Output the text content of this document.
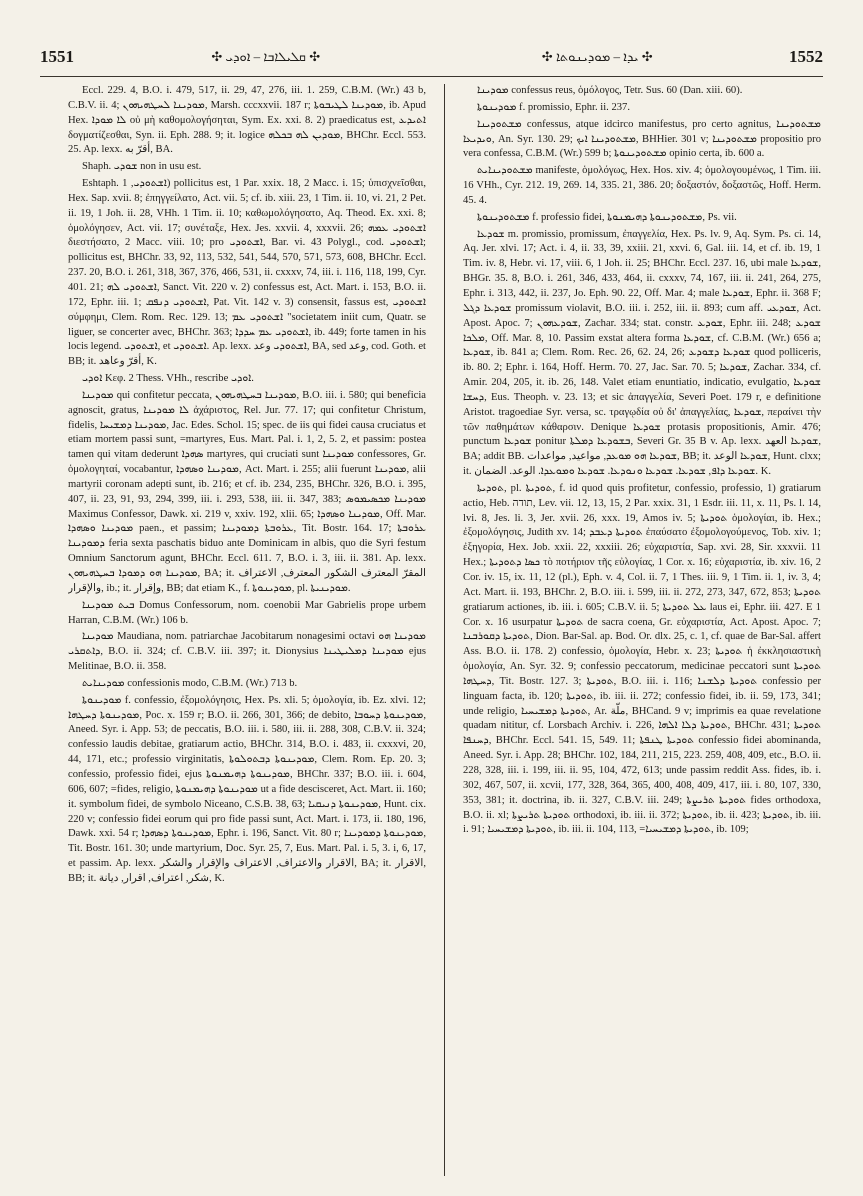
1551	✣ ܩܠܝܠܐܒܐ – ܐܘܕܝ ✣	✣ ܝܕܐ – ܡܘܕܝܢܘܬܐ ✣	1552

Eccl. 229. 4, B.O. i. 479, 517, ii. 29, 47, 276, iii. 1. 259, C.B.M. (Wr.) 43 b, C.B.V. ii. 4; ܡܘܕܝܢܐ ܠܚܛܗܝܗܘܢ, Marsh. cccxxvii. 187 r; ܡܘܕܝܢܐ ܠܛܝܒܘܬܐ, ib. Apud Hex. ܠܐ ܡܘܕܐ οὐ μὴ καθομολογήσηται, Sym. Ex. xxi. 8. 2) praedicatus est, ܐܬܝܕܥ δογματίζεσθαι, Syn. ii. Eph. 288. 9; it. logice ܡܘܕܝܢ ܠܗ ܒܟܠܗ, BHChr. Eccl. 553. 25. Ap. lexx. أقرّ به, BA.

Shaph. ܫܘܕܝ non in usu est.

Eshtaph. ܐܫܬܘܕܝ, 1) pollicitus est, 1 Par. xxix. 18, 2 Macc. i. 15; ὑπισχνεῖσθαι, Hex. Sap. xvii. 8; ἐπηγγείλατο, Act. vii. 5; cf. ib. xiii. 23, 1 Tim. ii. 10, vi. 21, 2 Pet. ii. 19, 1 Joh. ii. 28, VHh. 1 Tim. ii. 10; καθωμολόγησατο, Aq. Theod. Ex. xxi. 8; ὁμολόγησεν, Act. vii. 17; συνέταξε, Hex. Jes. xxvii. 4, xxxvii. 26; ܐܫܬܘܕܝ ܥܡܗ διεστήσατο, 2 Macc. viii. 10; pro ܐܫܬܘܕܝ, Bar. vi. 43 Polygl., cod. ܐܫܬܘܕܝ; pollicitus est, BHChr. 33, 92, 113, 532, 541, 544, 570, 571, 573, 608, BHChr. Eccl. 237. 20, B.O. i. 261, 318, 367, 376, 466, 531, ii. cxxxv, 74, iii. i. 116, 118, 199, Cyr. 401. 21; ܐܫܬܘܕܝ ܠܗ, Sanct. Vit. 220 v. 2) confessus est, Act. Mart. i. 153, B.O. ii. 172, Ephr. iii. 1; ܐܫܬܘܕܝ ܕܢܦܩ, Pat. Vit. 142 v. 3) consensit, fassus est, ܐܫܬܘܕܝ σύμφημι, Clem. Rom. Rec. 129. 13; ܐܫܬܘܕܝ ܥܡ "societatem iniit cum, Quatr. se liguer, se concerter avec, BHChr. 363; ܐܫܬܘܕܝ ܥܡ ܚܕܕܐ, ib. 449; forte tamen in his locis legend. ܐܫܬܘܕܝ, et ܐܫܬܘܕܝ. Ap. lexx. ܐܫܬܘܕܝ وعد, BA, sed وعد, cod. Goth. et BB; it. أقرّ وعاهد, K.

ܐܘܕܝ Κεφ. 2 Thess. VHh., rescribe ܐܘܕܝ.

ܡܘܕܝܢܐ qui confitetur peccata, ܡܘܕܝܢܐ ܒܚܛܗܝܗܘܢ, B.O. iii. i. 580; qui beneficia agnoscit, gratus, ܠܐ ܡܘܕܝܢܐ ἀχάριστος, Rel. Jur. 77. 17; qui confitetur Christum, fidelis, ܡܘܕܝܢܐ ܕܡܫܝܚܐ, Jac. Edes. Schol. 15; spec. de iis qui fidei causa cruciatus et etiam mortem passi sunt, =martyres, Eus. Mart. Pal. i. 1, 2, 5. 2, et passim: postea tamen qui vitam dederunt ܣܗܕܐ martyres, qui cruciati sunt ܡܘܕܝܢܐ confessores, Gr. ὁμολογηταί, vocabantur, ܡܘܕܝܢܐ ܘܣܗܕܐ, Act. Mart. i. 255; alii fuerunt ܡܘܕܝܢܐ, alii martyrii coronam adepti sunt, ib. 216; et cf. ib. 234, 235, BHChr. 326, B.O. i. 395, 407, ii. 23, 91, 93, 294, 399, iii. i. 293, 538, iii. ii. 347, 383; ܡܘܕܝܢܐ ܡܟܣܝܡܘܣ Maximus Confessor, Dawk. xi. 219 v, xxiv. 192, xlii. 65; ܡܘܕܝܢܐ ܘܣܗܕܐ, Off. Mar. ܡܘܕܝܢܐ ܘܣܗܕܐ paen., et passim; ܥܪܘܒܬܐ ܕܡܘܕܝܢܐ, Tit. Bostr. 164. 17; ܥܪܘܒܬܐ ܕܡܘܕܝܢܐ feria sexta paschatis biduo ante Dominicam in albis, quo die Syri festum Omnium Sanctorum agunt, BHChr. Eccl. 611. 7, B.O. i. 3, iii. ii. 381. Ap. lexx. ܡܘܕܝܢܐ ܗܘ ܕܡܘܕܐ ܒܚܛܗܝܗܘܢ, BA; it. المقرّ المعترف الشكور المعترف, الاعتراف والإقرار, ib.; it. وإقرار, BB; dat etiam K., f. ܡܘܕܝܢܘܬܐ, pl. ܡܘܕܝܢܝܬܐ.

ܒܝܬ ܡܘܕܝܢܐ Domus Confessorum, nom. coenobii Mar Gabrielis prope urbem Harran, C.B.M. (Wr.) 106 b.

ܡܘܕܝܢܐ Maudiana, nom. patriarchae Jacobitarum nonagesimi octavi ܡܘܕܝܢܐ ܗܘ ܕܐܬܩܪܝ, B.O. ii. 324; cf. C.B.V. iii. 397; it. Dionysius ܡܘܕܝܢܐ ܕܡܠܝܛܝܢܐ ejus Melitinae, B.O. ii. 358.

ܡܘܕܝܢܐܝܬ confessionis modo, C.B.M. (Wr.) 713 b.

ܡܘܕܝܢܘܬܐ f. confessio, ἐξομολόγησις, Hex. Ps. xli. 5; ὁμολογία, ib. Ez. xlvi. 12; ܡܘܕܝܢܘܬܐ ܕܚܛܗܐ, Poc. x. 159 r; B.O. ii. 266, 301, 366; de debito, ܡܘܕܝܢܘܬܐ ܕܚܘܒܐ, Aneed. Syr. i. App. 53; de peccatis, B.O. iii. i. 580, iii. ii. 288, 308, C.B.V. ii. 324; confessio laudis debitae, gratiarum actio, BHChr. 314, B.O. i. 483, ii. cxxxvi, 20, 44, 171, etc.; professio virginitatis, ܡܘܕܝܢܘܬܐ ܕܒܬܘܠܘܬܐ, Clem. Rom. Ep. 20. 3; confessio, professio fidei, ejus ܡܘܕܝܢܘܬܐ ܕܗܝܡܢܘܬܐ, BHChr. 337; B.O. iii. i. 604, 606, 607; =fides, religio, ܡܘܕܝܢܘܬܐ ܕܗܝܡܢܘܬܐ ut a fide descisceret, Act. Mart. ii. 160; it. symbolum fidei, de symbolo Niceano, C.S.B. 38, 63; ܡܘܕܝܢܘܬܐ ܕܢܝܩܝܐ, Hunt. cix. 220 v; confessio fidei eorum qui pro fide passi sunt, Act. Mart. i. 173, ii. 180, 196, Dawk. xxi. 54 r; ܡܘܕܝܢܘܬܐ ܕܣܗܕܐ, Ephr. i. 196, Sanct. Vit. 80 r; ܡܘܕܝܢܘܬܐ ܕܡܘܕܝܢܐ, Tit. Bostr. 161. 30; unde martyrium, Doc. Syr. 25, 7, Eus. Mart. Pal. i. 5, 3. i, 6, 17, et passim. Ap. lexx. الاقرار والاعتراف, الاعتراف والإقرار والشكر, BA; it. الاقرار, BB; it. شكر, اعتراف, اقرار, ديانة, K.

ܡܘܕܝܢܐ confessus reus, ὁμόλογος, Tetr. Sus. 60 (Dan. xiii. 60).

ܡܘܕܝܢܘܬܐ f. promissio, Ephr. ii. 237.

ܡܫܬܘܕܝܢܐ confessus, atque idcirco manifestus, pro certo agnitus, ܡܫܬܘܕܝܢܐ ܘܝܕܝܥܐ, An. Syr. 130. 29; ܡܫܬܘܕܝܢܐ ܐܝܟ, BHHier. 301 v; ܡܫܬܘܕܝܢܐ propositio pro vera confessa, C.B.M. (Wr.) 599 b; ܡܫܬܘܕܝܢܘܬܐ opinio certa, ib. 600 a.

ܡܫܬܘܕܝܢܐܝܬ manifeste, ὁμολόγως, Hex. Hos. xiv. 4; ὁμολογουμένως, 1 Tim. iii. 16 VHh., Cyr. 212. 19, 269. 14, 335. 21, 386. 20; δοξαστόν, δοξαστῶς, Hoff. Herm. 45. 4.

ܡܫܬܘܕܝܢܘܬܐ f. professio fidei, ܡܫܬܘܕܝܢܘܬܐ ܕܗܝܡܢܘܬܐ, Ps. vii.

ܫܘܕܥܐ m. promissio, promissum, ἐπαγγελία, Hex. Ps. lv. 9, Aq. Sym. Ps. ci. 14, Aq. Jer. xlvi. 17; Act. i. 4, ii. 33, 39, xxiii. 21, xxvi. 6, Gal. iii. 14, et cf. ib. 19, 1 Tim. iv. 8, Hebr. vi. 17, viii. 6, 1 Joh. ii. 25; BHChr. Eccl. 237. 16, ubi male ܫܘܕܥܐ, BHGr. 35. 8, B.O. i. 261, 346, 433, 464, ii. cxxxv, 74, 167, iii. ii. 241, 264, 275, Ephr. i. 313, 442, ii. 237, Jo. Eph. 90. 22, Off. Mar. 4; male ܫܘܕܥܐ, Ephr. ii. 368 F; ܫܘܕܥܐ ܕܓܠ promissum violavit, B.O. iii. i. 252, iii. ii. 893; cum aff. ܫܘܕܥܝ, Act. Apost. Apoc. 7; ܫܘܕܥܗܘܢ, Zachar. 334; stat. constr. ܫܘܕܥ, Ephr. iii. 248; ܫܘܕܥ ܡܠܟܐ, Off. Mar. 8, 10. Passim exstat altera forma ܫܘܕܥܐ, cf. C.B.M. (Wr.) 656 a; ܫܘܕܥܐ, ib. 841 a; Clem. Rom. Rec. 26, 62. 24, 26; ܫܘܕܥܐ ܕܫܘܕܥ quod polliceris, ib. 80. 2; Ephr. i. 164, Hoff. Herm. 70. 27, Jac. Sar. 70. 5; ܫܘܕܥܐ, Zachar. 334, cf. Amir. 204, 205, it. ib. 26, 148. Valet etiam enuntiatio, indicatio, evulgatio, ܫܘܕܥܐ ܕܚܫܐ, Eus. Theoph. v. 23. 13; et sic ἀπαγγελία, Severi Poet. 179 r, e definitione Aristot. tragoediae Syr. versa, sc. τραγῳδία οὐ δι' ἀπαγγελίας, ܫܘܕܥܐ, περαίνει τὴν τῶν παθημάτων κάθαρσιν. Denique ܫܘܕܥܐ protasis propositionis, Amir. 476; punctum ܫܘܕܥܐ ponitur ܒܫܘܕܥܐ ܕܡܠܬܐ, Severi Gr. 35 B v. Ap. lexx. ܫܘܕܥܐ العهد, BA; addit BB. ܫܘܕܥܐ ܗܘ ܡܘܥܕ, مواعيد, مواعدات, BB; it. ܫܘܕܥܐ الوعد, Hunt. clxx; it. ܫܘܕܥܐ ܕܐܦ, ܫܘܕܥܐ. ܫܘܕܥܐ ܘܢܘܕܥܐ. ܫܘܕܥܐ ܘܡܘܥܕܐ. الوعد. الضمان. K.

ܬܘܕܝܬܐ, pl. ܬܘܕܝܬܐ, f. id quod quis profitetur, confessio, professio, 1) gratiarum actio, Heb. תודה, Lev. vii. 12, 13, 15, 2 Par. xxix. 31, 1 Esdr. iii. 11, x. 11, Ps. l. 14, lvi. 8, Jes. li. 3, Jer. xvii. 26, xxx. 19, Amos iv. 5; ܬܘܕܝܬܐ ὁμολογίαι, ib. Hex.; ἐξομολόγησις, Judith xv. 14; ܬܘܕܝܬܐ ܕܥܒܕ ἐπαύσατο ἐξομολογούμενος, Tob. xiv. 1; ἐξηγορία, Hex. Job. xxii. 22, xxxiii. 26; εὐχαριστία, Sap. xvi. 28, Sir. xxxvii. 11 Hex.; ܟܣܐ ܕܬܘܕܝܬܐ τὸ ποτήριον τῆς εὐλογίας, 1 Cor. x. 16; εὐχαριστία, ib. xiv. 16, 2 Cor. iv. 15, ix. 11, 12 (pl.), Eph. v. 4, Col. ii. 7, 1 Thes. iii. 9, 1 Tim. ii. 1, iv. 3, 4; Act. Mart. ii. 193, BHChr. 2, B.O. iii. i. 599, iii. ii. 272, 273, 347, 672, 853; ܬܘܕܝܬܐ gratiarum actiones, ib. iii. i. 605; C.B.V. ii. 5; ܥܠ ܬܘܕܝܬܐ laus ei, Ephr. iii. 427. E 1 Cor. x. 16 usurpatur ܬܘܕܝܬܐ de sacra coena, Gr. εὐχαριστία, Act. Apost. Apoc. 7; ܬܘܕܝܬܐ ܕܩܘܪܒܢܐ, Dion. Bar-Sal. ap. Bod. Or. dlx. 25, c. 1, cf. quae de Bar-Sal. affert Ass. B.O. ii. 178. 2) confessio, ὁμολογία, Hebr. x. 23; ܬܘܕܝܬܐ ἡ ἐκκλησιαστικὴ ὁμολογία, An. Syr. 32. 9; confessio peccatorum, medicinae peccatori sunt ܬܘܕܝܬܐ ܕܚܛܗܐ, Tit. Bostr. 127. 3; ܬܘܕܝܬܐ, B.O. iii. i. 116; ܬܘܕܝܬܐ ܕܠܫܢܐ confessio per linguam facta, ib. 120; ܬܘܕܝܬܐ, ib. iii. ii. 272; confessio fidei, ib. ii. 59, 173, 341; unde religio, ܬܘܕܝܬܐ ܕܡܫܝܚܝܐ, Ar. ملّة, BHCand. 9 v; imprimis ea quae revelatione quadam nititur, cf. Lorsbach Archiv. i. 226, ܬܘܕܝܬܐ ܕܠܐ ܐܠܗܐ, BHChr. 431; ܬܘܕܝܬܐ ܕܚܢܦܐ, BHChr. Eccl. 541. 15, 549. 11; ܬܘܕܝܬܐ ܛܢܦܬܐ confessio fidei abominanda, Aneed. Syr. i. App. 28; BHChr. 102, 184, 211, 215, 223. 259, 408, 409, etc., B.O. ii. 228, 328, iii. i. 199, iii. ii. 95, 104, 472, 613; unde passim reddit Ass. fides, ib. i. 302, 467, 507, ii. xcvii, 177, 328, 364, 365, 400, 408, 409, 417, iii. i. 80, 107, 330, 353, 381; it. doctrina, ib. ii. 327, C.B.V. iii. 249; ܬܘܕܝܬܐ ܬܪܝܨܬܐ fides orthodoxa, B.O. ii. xl; ܬܘܕܝܬܐ ܬܪܝܨܬܐ orthodoxi, ib. iii. ii. 372; ܬܘܕܝܬܐ, ib. ii. 423; ܬܘܕܝܬܐ, ib. iii. i. 91; ܬܘܕܝܬܐ ܕܡܫܝܚܝܐ, ib. iii. ii. 104, 113, =ܬܘܕܝܬܐ ܕܡܫܝܚܝܐ, ib. 109;
